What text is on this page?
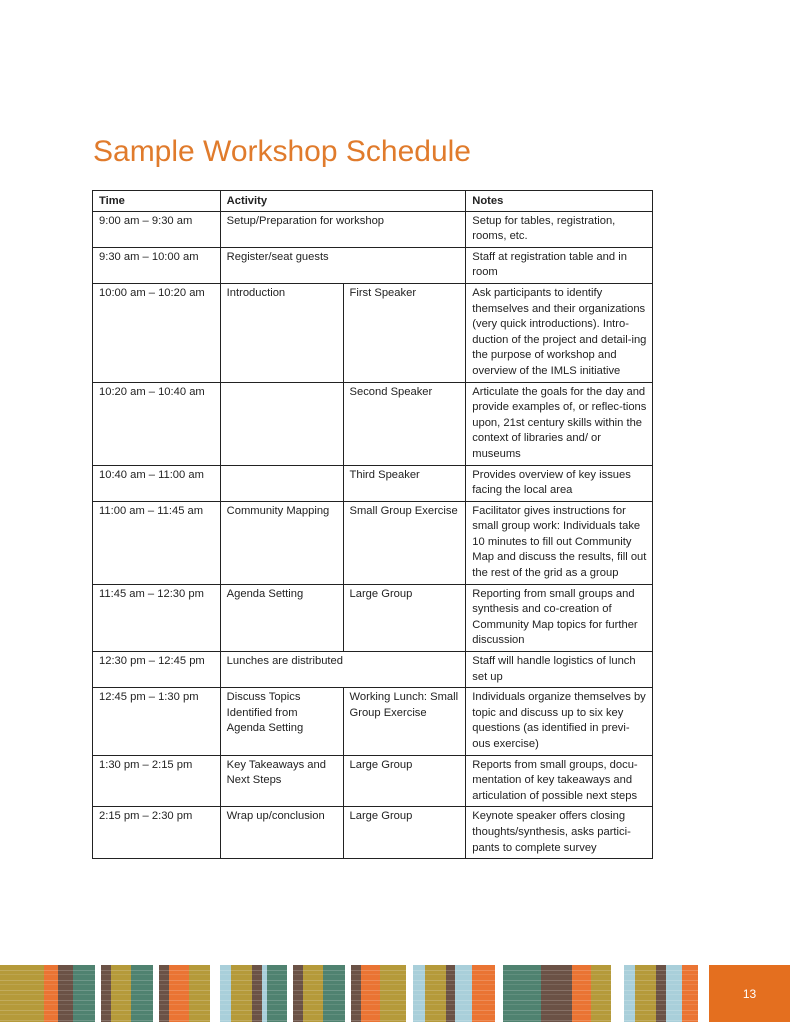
Sample Workshop Schedule
Time	Activity		Notes
9:00 am – 9:30 am	Setup/Preparation for workshop		Setup for tables, registration, rooms, etc.
9:30 am – 10:00 am	Register/seat guests		Staff at registration table and in room
10:00 am – 10:20 am	Introduction	First Speaker	Ask participants to identify themselves and their organizations (very quick introductions). Intro-duction of the project and detail-ing the purpose of workshop and overview of the IMLS initiative
10:20 am – 10:40 am		Second Speaker	Articulate the goals for the day and provide examples of, or reflec-tions upon, 21st century skills within the context of libraries and/ or museums
10:40 am – 11:00 am		Third Speaker	Provides overview of key issues facing the local area
11:00 am – 11:45 am	Community Mapping	Small Group Exercise	Facilitator gives instructions for small group work: Individuals take 10 minutes to fill out Community Map and discuss the results, fill out the rest of the grid as a group
11:45 am – 12:30 pm	Agenda Setting	Large Group	Reporting from small groups and synthesis and co-creation of Community Map topics for further discussion
12:30 pm – 12:45 pm	Lunches are distributed		Staff will handle logistics of lunch set up
12:45 pm – 1:30 pm	Discuss Topics Identified from Agenda Setting	Working Lunch: Small Group Exercise	Individuals organize themselves by topic and discuss up to six key questions (as identified in previ-ous exercise)
1:30 pm – 2:15 pm	Key Takeaways and Next Steps	Large Group	Reports from small groups, docu-mentation of key takeaways and articulation of possible next steps
2:15 pm – 2:30 pm	Wrap up/conclusion	Large Group	Keynote speaker offers closing thoughts/synthesis, asks partici-pants to complete survey
13
